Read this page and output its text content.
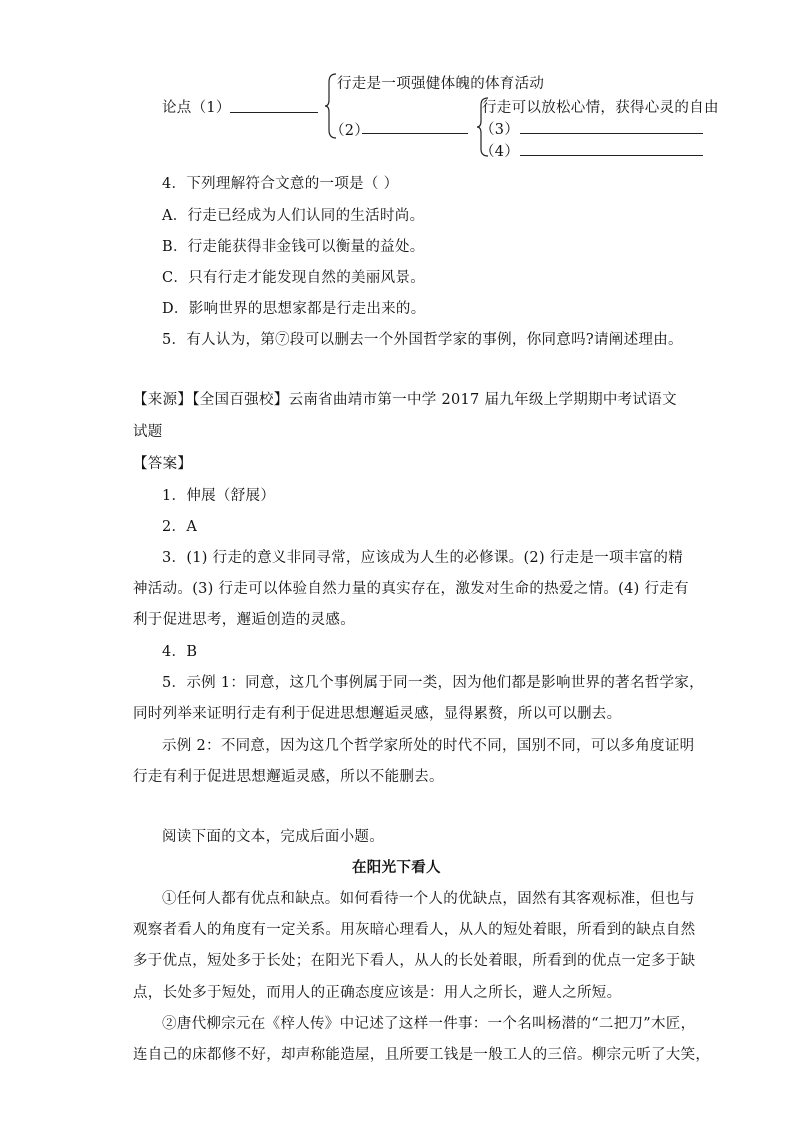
论点（1）
行走是一项强健体魄的体育活动
（2）
行走可以放松心情，获得心灵的自由
（3）
（4）
4．下列理解符合文意的一项是（ ）
A．行走已经成为人们认同的生活时尚。
B．行走能获得非金钱可以衡量的益处。
C．只有行走才能发现自然的美丽风景。
D．影响世界的思想家都是行走出来的。
5．有人认为，第⑦段可以删去一个外国哲学家的事例，你同意吗?请阐述理由。
【来源】【全国百强校】云南省曲靖市第一中学 2017 届九年级上学期期中考试语文
试题
【答案】
1．伸展（舒展）
2．A
3．(1) 行走的意义非同寻常，应该成为人生的必修课。(2) 行走是一项丰富的精
神活动。(3) 行走可以体验自然力量的真实存在，激发对生命的热爱之情。(4) 行走有
利于促进思考，邂逅创造的灵感。
4．B
5．示例 1：同意，这几个事例属于同一类，因为他们都是影响世界的著名哲学家，
同时列举来证明行走有利于促进思想邂逅灵感，显得累赘，所以可以删去。
示例 2：不同意，因为这几个哲学家所处的时代不同，国别不同，可以多角度证明
行走有利于促进思想邂逅灵感，所以不能删去。
阅读下面的文本，完成后面小题。
在阳光下看人
①任何人都有优点和缺点。如何看待一个人的优缺点，固然有其客观标准，但也与
观察者看人的角度有一定关系。用灰暗心理看人，从人的短处着眼，所看到的缺点自然
多于优点，短处多于长处；在阳光下看人，从人的长处着眼，所看到的优点一定多于缺
点，长处多于短处，而用人的正确态度应该是：用人之所长，避人之所短。
②唐代柳宗元在《梓人传》中记述了这样一件事：一个名叫杨潜的“二把刀”木匠，
连自己的床都修不好，却声称能造屋，且所要工钱是一般工人的三倍。柳宗元听了大笑，
